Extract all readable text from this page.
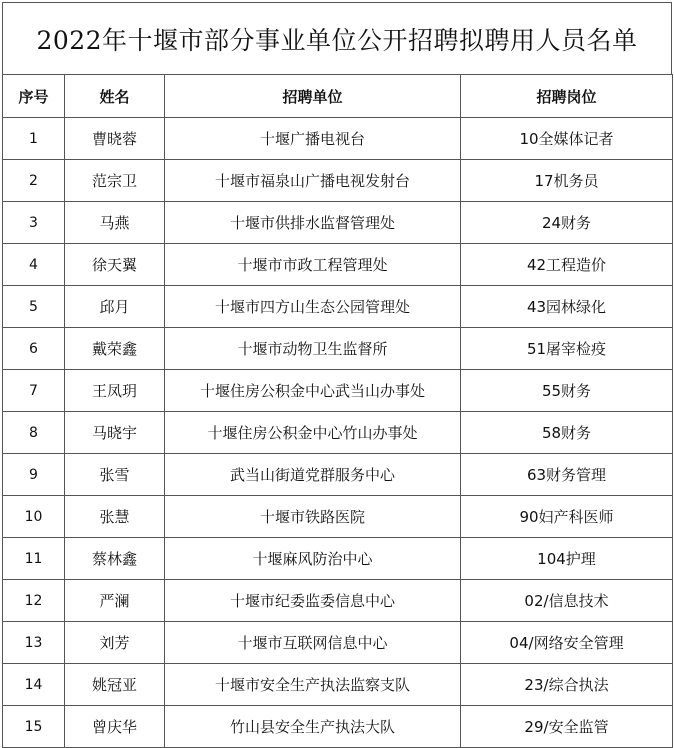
2022年十堰市部分事业单位公开招聘拟聘用人员名单
序号	姓名	招聘单位	招聘岗位
1	曹晓蓉	十堰广播电视台	10全媒体记者
2	范宗卫	十堰市福泉山广播电视发射台	17机务员
3	马燕	十堰市供排水监督管理处	24财务
4	徐天翼	十堰市市政工程管理处	42工程造价
5	邱月	十堰市四方山生态公园管理处	43园林绿化
6	戴荣鑫	十堰市动物卫生监督所	51屠宰检疫
7	王凤玥	十堰住房公积金中心武当山办事处	55财务
8	马晓宇	十堰住房公积金中心竹山办事处	58财务
9	张雪	武当山街道党群服务中心	63财务管理
10	张慧	十堰市铁路医院	90妇产科医师
11	蔡林鑫	十堰麻风防治中心	104护理
12	严澜	十堰市纪委监委信息中心	02/信息技术
13	刘芳	十堰市互联网信息中心	04/网络安全管理
14	姚冠亚	十堰市安全生产执法监察支队	23/综合执法
15	曾庆华	竹山县安全生产执法大队	29/安全监管
